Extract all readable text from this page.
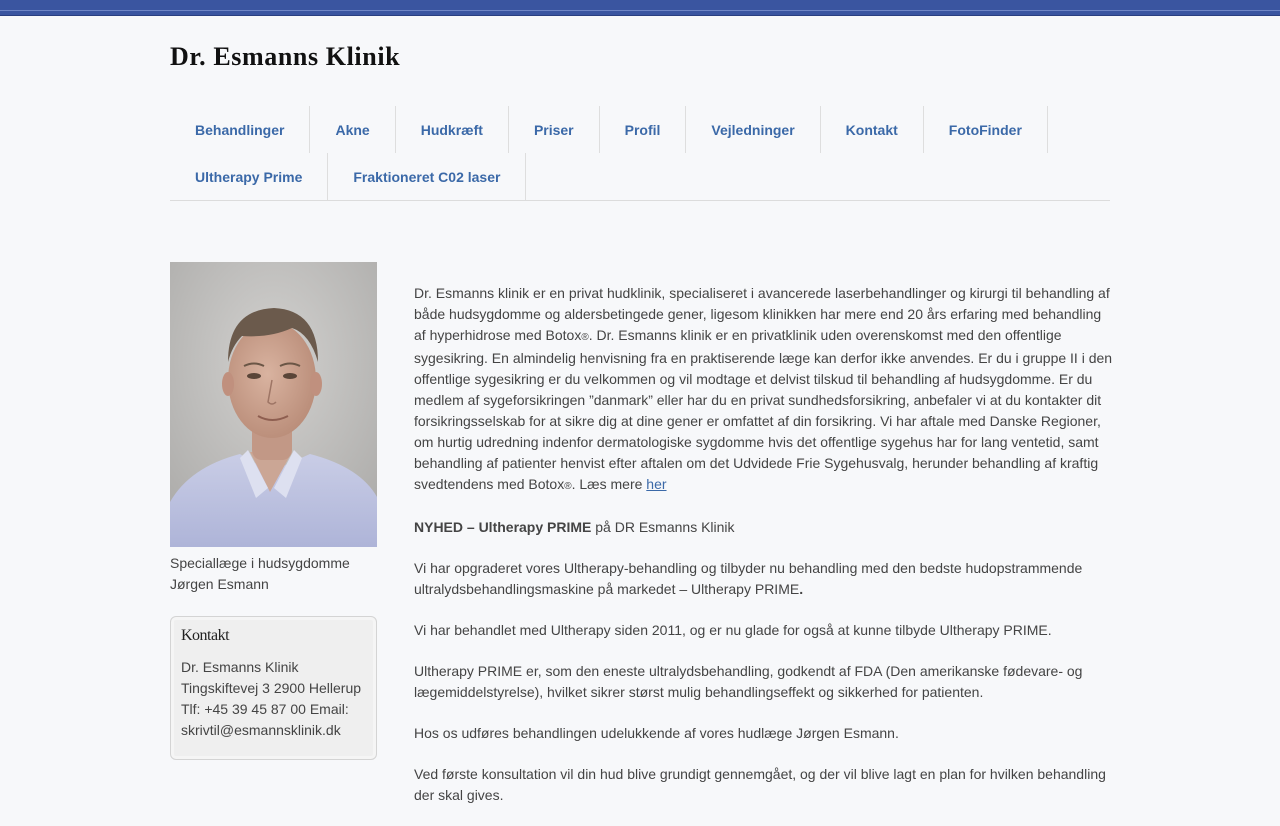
Dr. Esmanns Klinik
Behandlinger	Akne	Hudkræft	Priser	Profil	Vejledninger	Kontakt	FotoFinder
Ultherapy Prime	Fraktioneret C02 laser
Speciallæge i hudsygdomme
Jørgen Esmann
Kontakt
Dr. Esmanns Klinik Tingskiftevej 3 2900 Hellerup Tlf: +45 39 45 87 00 Email: skrivtil@esmannsklinik.dk

Dr. Esmanns klinik er en privat hudklinik, specialiseret i avancerede laserbehandlinger og kirurgi til behandling af både hudsygdomme og aldersbetingede gener, ligesom klinikken har mere end 20 års erfaring med behandling af hyperhidrose med Botox®. Dr. Esmanns klinik er en privatklinik uden overenskomst med den offentlige sygesikring. En almindelig henvisning fra en praktiserende læge kan derfor ikke anvendes. Er du i gruppe II i den offentlige sygesikring er du velkommen og vil modtage et delvist tilskud til behandling af hudsygdomme. Er du medlem af sygeforsikringen ”danmark” eller har du en privat sundhedsforsikring, anbefaler vi at du kontakter dit forsikringsselskab for at sikre dig at dine gener er omfattet af din forsikring. Vi har aftale med Danske Regioner, om hurtig udredning indenfor dermatologiske sygdomme hvis det offentlige sygehus har for lang ventetid, samt behandling af patienter henvist efter aftalen om det Udvidede Frie Sygehusvalg, herunder behandling af kraftig svedtendens med Botox®. Læs mere her

NYHED – Ultherapy PRIME på DR Esmanns Klinik

Vi har opgraderet vores Ultherapy-behandling og tilbyder nu behandling med den bedste hudopstrammende ultralydsbehandlingsmaskine på markedet – Ultherapy PRIME.

Vi har behandlet med Ultherapy siden 2011, og er nu glade for også at kunne tilbyde Ultherapy PRIME.

Ultherapy PRIME er, som den eneste ultralydsbehandling, godkendt af FDA (Den amerikanske fødevare- og lægemiddelstyrelse), hvilket sikrer størst mulig behandlingseffekt og sikkerhed for patienten.

Hos os udføres behandlingen udelukkende af vores hudlæge Jørgen Esmann.

Ved første konsultation vil din hud blive grundigt gennemgået, og der vil blive lagt en plan for hvilken behandling der skal gives.
